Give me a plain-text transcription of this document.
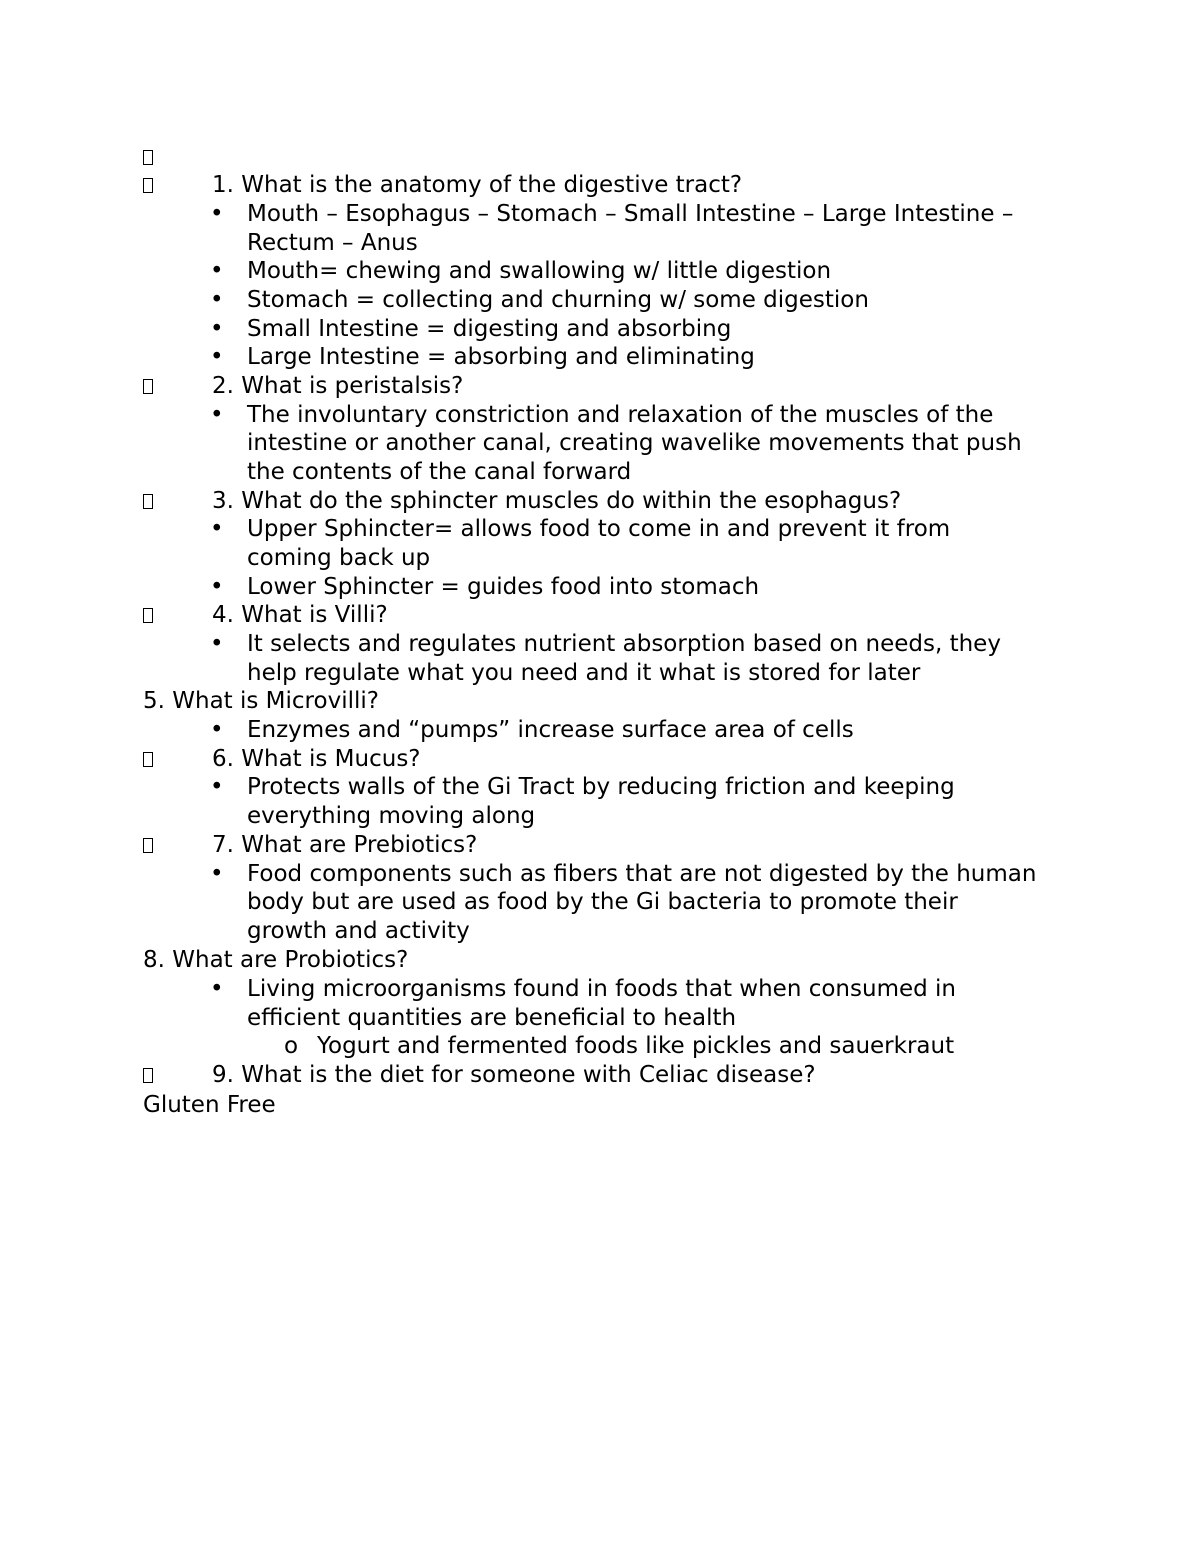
1. What is the anatomy of the digestive tract?
• Mouth – Esophagus – Stomach – Small Intestine – Large Intestine –
Rectum – Anus
• Mouth= chewing and swallowing w/ little digestion
• Stomach = collecting and churning w/ some digestion
• Small Intestine = digesting and absorbing
• Large Intestine = absorbing and eliminating
2. What is peristalsis?
• The involuntary constriction and relaxation of the muscles of the
intestine or another canal, creating wavelike movements that push
the contents of the canal forward
3. What do the sphincter muscles do within the esophagus?
• Upper Sphincter= allows food to come in and prevent it from
coming back up
• Lower Sphincter = guides food into stomach
4. What is Villi?
• It selects and regulates nutrient absorption based on needs, they
help regulate what you need and it what is stored for later
5. What is Microvilli?
• Enzymes and “pumps” increase surface area of cells
6. What is Mucus?
• Protects walls of the Gi Tract by reducing friction and keeping
everything moving along
7. What are Prebiotics?
• Food components such as fibers that are not digested by the human
body but are used as food by the Gi bacteria to promote their
growth and activity
8. What are Probiotics?
• Living microorganisms found in foods that when consumed in
efficient quantities are beneficial to health
o Yogurt and fermented foods like pickles and sauerkraut
9. What is the diet for someone with Celiac disease?
Gluten Free
